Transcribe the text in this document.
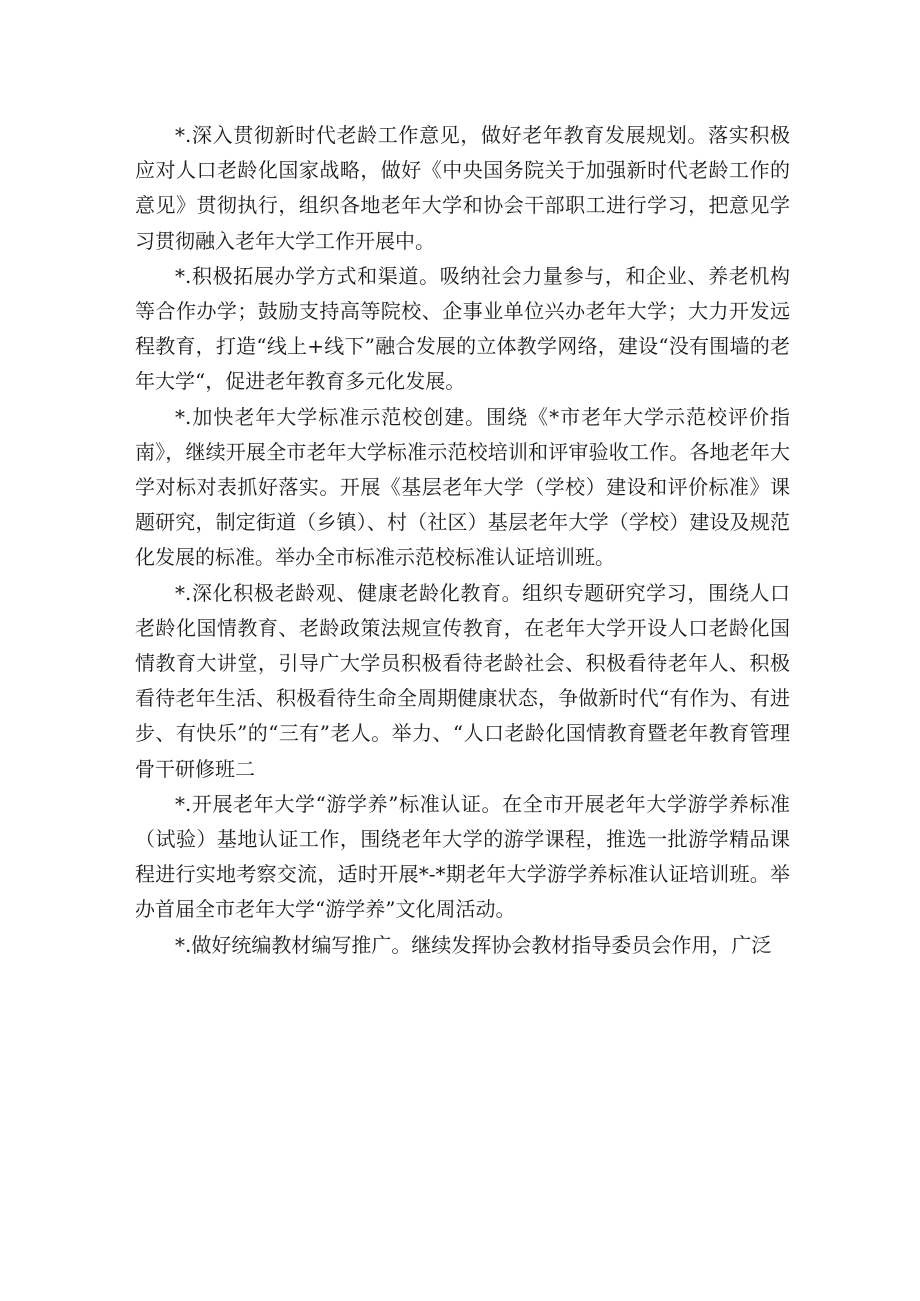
*.深入贯彻新时代老龄工作意见，做好老年教育发展规划。落实积极应对人口老龄化国家战略，做好《中央国务院关于加强新时代老龄工作的意见》贯彻执行，组织各地老年大学和协会干部职工进行学习，把意见学习贯彻融入老年大学工作开展中。

*.积极拓展办学方式和渠道。吸纳社会力量参与，和企业、养老机构等合作办学；鼓励支持高等院校、企事业单位兴办老年大学；大力开发远程教育，打造“线上+线下”融合发展的立体教学网络，建设“没有围墙的老年大学“，促进老年教育多元化发展。

*.加快老年大学标准示范校创建。围绕《*市老年大学示范校评价指南》，继续开展全市老年大学标准示范校培训和评审验收工作。各地老年大学对标对表抓好落实。开展《基层老年大学（学校）建设和评价标准》课题研究，制定街道（乡镇）、村（社区）基层老年大学（学校）建设及规范化发展的标准。举办全市标准示范校标准认证培训班。

*.深化积极老龄观、健康老龄化教育。组织专题研究学习，围绕人口老龄化国情教育、老龄政策法规宣传教育，在老年大学开设人口老龄化国情教育大讲堂，引导广大学员积极看待老龄社会、积极看待老年人、积极看待老年生活、积极看待生命全周期健康状态，争做新时代“有作为、有进步、有快乐”的“三有”老人。举力、“人口老龄化国情教育暨老年教育管理骨干研修班二

*.开展老年大学“游学养”标准认证。在全市开展老年大学游学养标准（试验）基地认证工作，围绕老年大学的游学课程，推选一批游学精品课程进行实地考察交流，适时开展*-*期老年大学游学养标准认证培训班。举办首届全市老年大学“游学养”文化周活动。

*.做好统编教材编写推广。继续发挥协会教材指导委员会作用，广泛
